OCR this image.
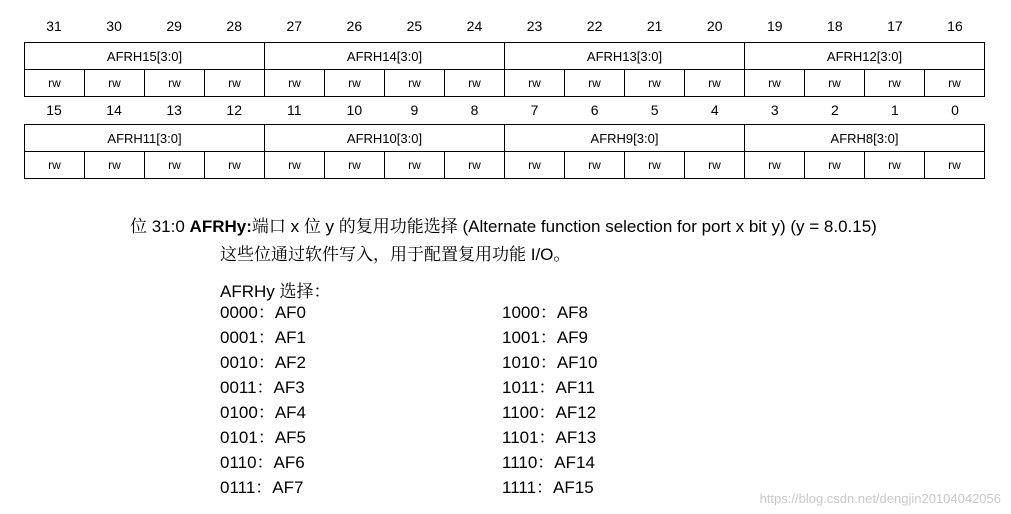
31	30	29	28	27	26	25	24	23	22	21	20	19	18	17	16
AFRH15[3:0]				AFRH14[3:0]				AFRH13[3:0]				AFRH12[3:0]			
rw	rw	rw	rw	rw	rw	rw	rw	rw	rw	rw	rw	rw	rw	rw	rw
15	14	13	12	11	10	9	8	7	6	5	4	3	2	1	0
AFRH11[3:0]				AFRH10[3:0]				AFRH9[3:0]				AFRH8[3:0]			
rw	rw	rw	rw	rw	rw	rw	rw	rw	rw	rw	rw	rw	rw	rw	rw
位 31:0 AFRHy:端口 x 位 y 的复用功能选择 (Alternate function selection for port x bit y) (y = 8.0.15)
这些位通过软件写入，用于配置复用功能 I/O。
AFRHy 选择：
0000：AF0
0001：AF1
0010：AF2
0011：AF3
0100：AF4
0101：AF5
0110：AF6
0111：AF7
1000：AF8
1001：AF9
1010：AF10
1011：AF11
1100：AF12
1101：AF13
1110：AF14
1111：AF15
https://blog.csdn.net/dengjin20104042056
